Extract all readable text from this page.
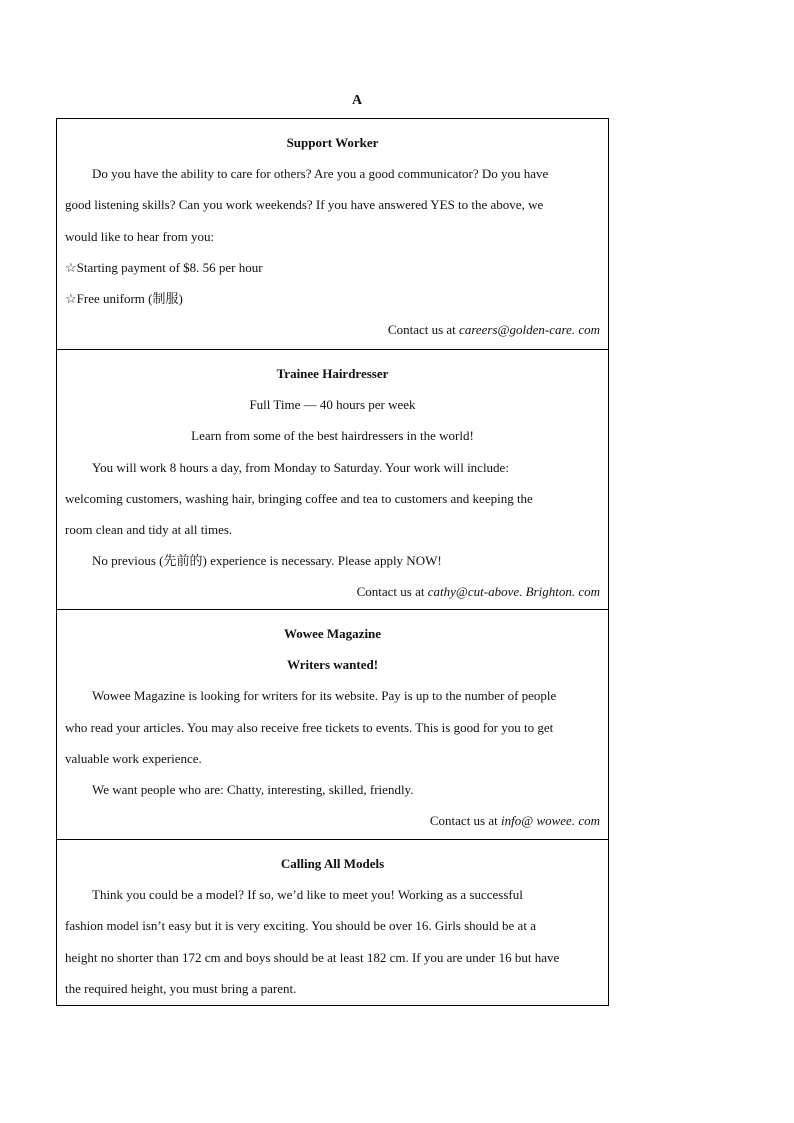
A
Support Worker
Do you have the ability to care for others? Are you a good communicator? Do you have
good listening skills? Can you work weekends? If you have answered YES to the above, we
would like to hear from you:
☆Starting payment of $8. 56 per hour
☆Free uniform (制服)
Contact us at careers@golden-care. com
Trainee Hairdresser
Full Time — 40 hours per week
Learn from some of the best hairdressers in the world!
You will work 8 hours a day, from Monday to Saturday. Your work will include:
welcoming customers, washing hair, bringing coffee and tea to customers and keeping the
room clean and tidy at all times.
No previous (先前的) experience is necessary. Please apply NOW!
Contact us at cathy@cut-above. Brighton. com
Wowee Magazine
Writers wanted!
Wowee Magazine is looking for writers for its website. Pay is up to the number of people
who read your articles. You may also receive free tickets to events. This is good for you to get
valuable work experience.
We want people who are: Chatty, interesting, skilled, friendly.
Contact us at info@ wowee. com
Calling All Models
Think you could be a model? If so, we’d like to meet you! Working as a successful
fashion model isn’t easy but it is very exciting. You should be over 16. Girls should be at a
height no shorter than 172 cm and boys should be at least 182 cm. If you are under 16 but have
the required height, you must bring a parent.
